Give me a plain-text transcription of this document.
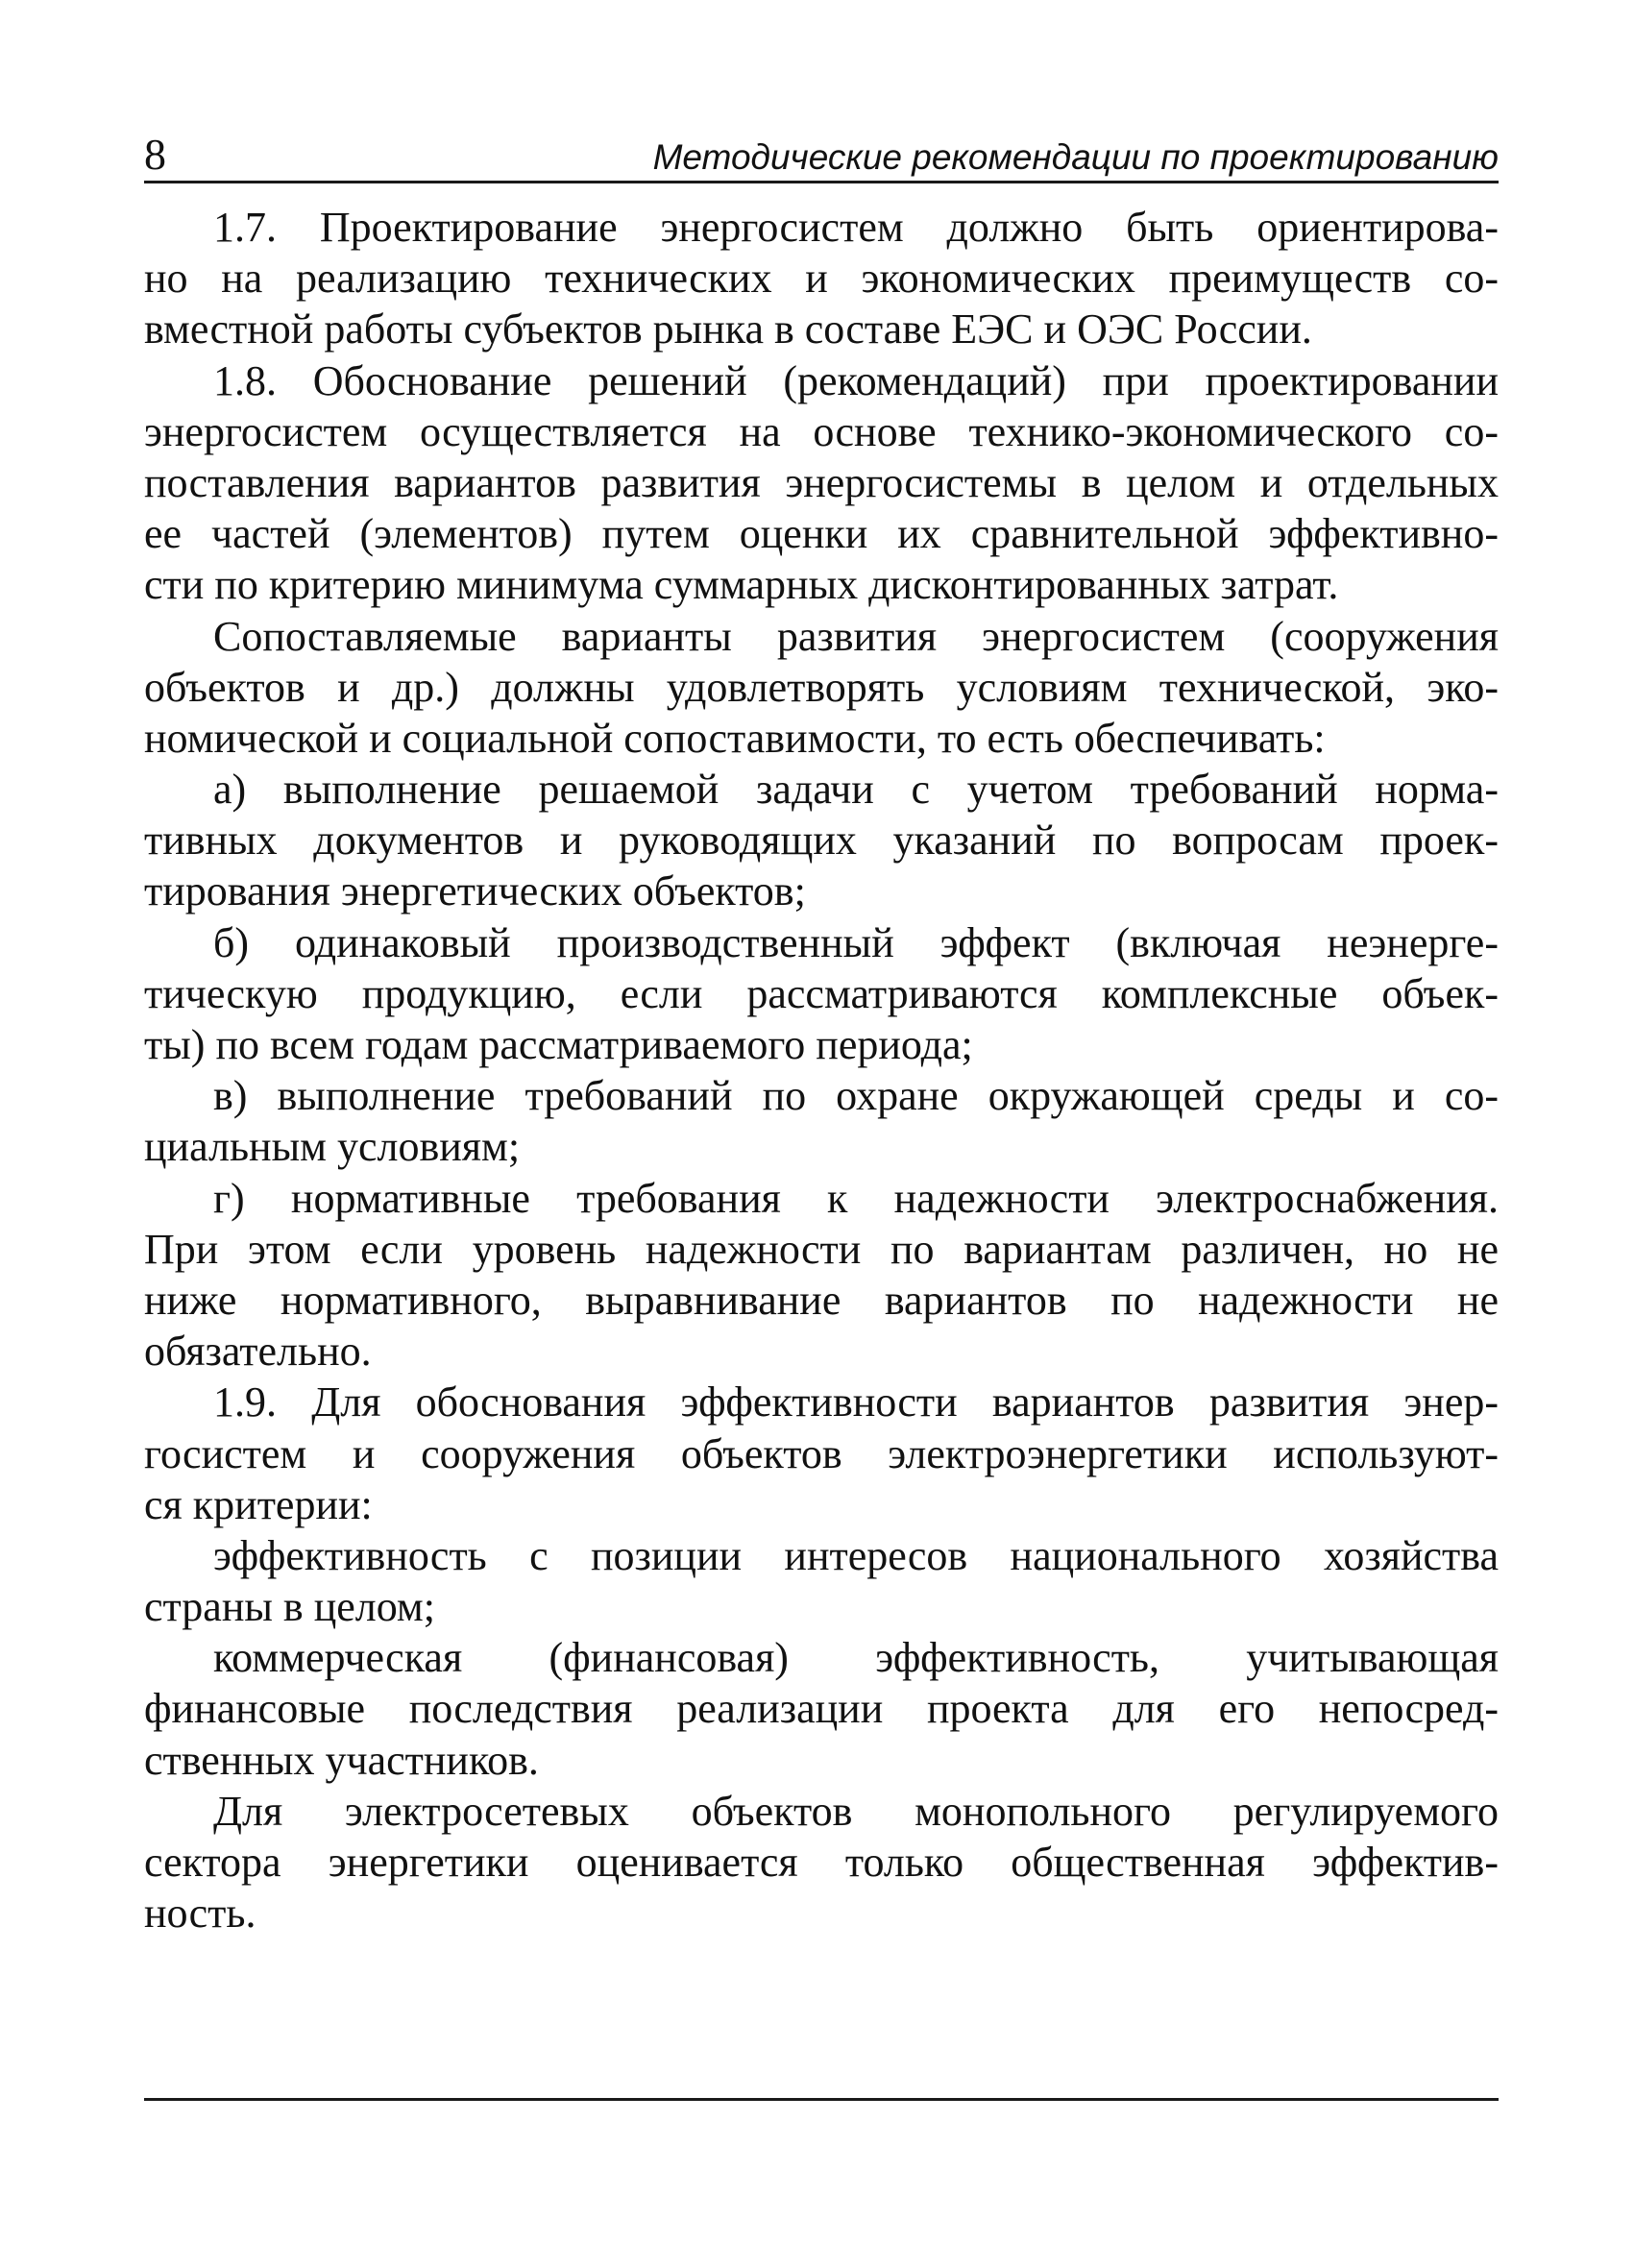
8	Методические рекомендации по проектированию
1.7. Проектирование энергосистем должно быть ориентирова-
но на реализацию технических и экономических преимуществ со-
вместной работы субъектов рынка в составе ЕЭС и ОЭС России.
1.8. Обоснование решений (рекомендаций) при проектировании
энергосистем осуществляется на основе технико-экономического со-
поставления вариантов развития энергосистемы в целом и отдельных
ее частей (элементов) путем оценки их сравнительной эффективно-
сти по критерию минимума суммарных дисконтированных затрат.
Сопоставляемые варианты развития энергосистем (сооружения
объектов и др.) должны удовлетворять условиям технической, эко-
номической и социальной сопоставимости, то есть обеспечивать:
а) выполнение решаемой задачи с учетом требований норма-
тивных документов и руководящих указаний по вопросам проек-
тирования энергетических объектов;
б) одинаковый производственный эффект (включая неэнерге-
тическую продукцию, если рассматриваются комплексные объек-
ты) по всем годам рассматриваемого периода;
в) выполнение требований по охране окружающей среды и со-
циальным условиям;
г) нормативные требования к надежности электроснабжения.
При этом если уровень надежности по вариантам различен, но не
ниже нормативного, выравнивание вариантов по надежности не
обязательно.
1.9. Для обоснования эффективности вариантов развития энер-
госистем и сооружения объектов электроэнергетики используют-
ся критерии:
эффективность с позиции интересов национального хозяйства
страны в целом;
коммерческая (финансовая) эффективность, учитывающая
финансовые последствия реализации проекта для его непосред-
ственных участников.
Для электросетевых объектов монопольного регулируемого
сектора энергетики оценивается только общественная эффектив-
ность.
